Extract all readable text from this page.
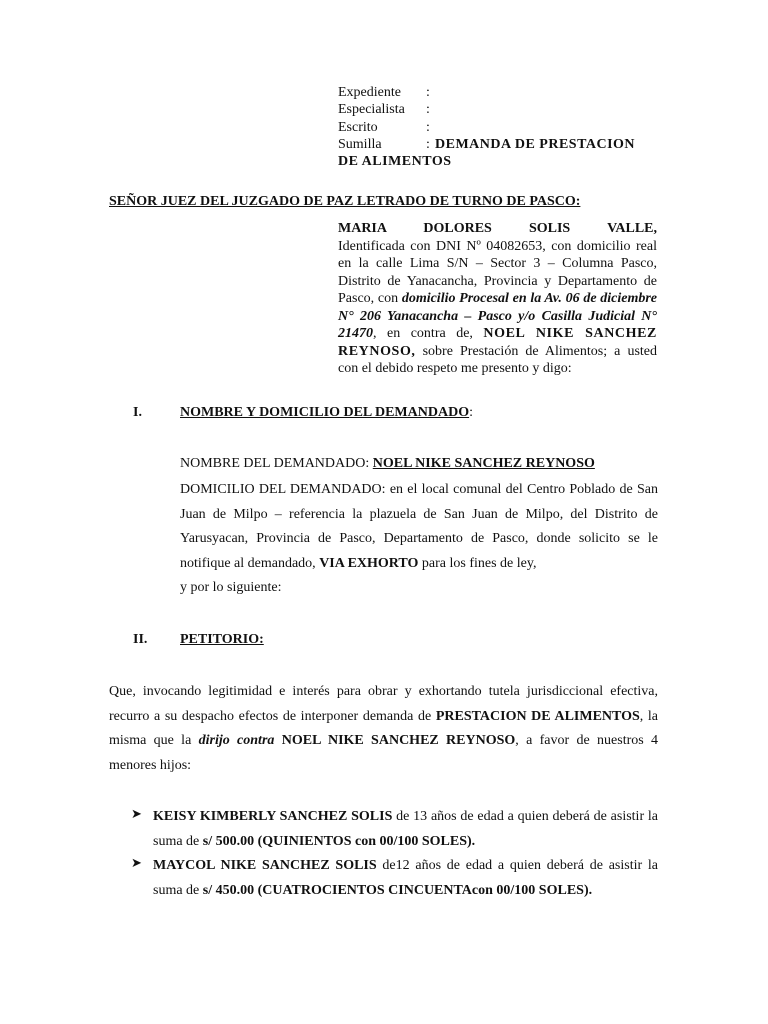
Expediente	:
Especialista	:
Escrito	:
Sumilla	: DEMANDA DE PRESTACION
DE ALIMENTOS
SEÑOR JUEZ DEL JUZGADO DE PAZ LETRADO DE TURNO DE PASCO:
MARIA DOLORES SOLIS VALLE, Identificada con DNI Nº 04082653, con domicilio real en la calle Lima S/N – Sector 3 – Columna Pasco, Distrito de Yanacancha, Provincia y Departamento de Pasco, con domicilio Procesal en la Av. 06 de diciembre N° 206 Yanacancha – Pasco y/o Casilla Judicial N° 21470, en contra de, NOEL NIKE SANCHEZ REYNOSO, sobre Prestación de Alimentos; a usted con el debido respeto me presento y digo:
I.	NOMBRE Y DOMICILIO DEL DEMANDADO:
NOMBRE DEL DEMANDADO: NOEL NIKE SANCHEZ REYNOSO
DOMICILIO DEL DEMANDADO: en el local comunal del Centro Poblado de San Juan de Milpo – referencia la plazuela de San Juan de Milpo, del Distrito de Yarusyacan, Provincia de Pasco, Departamento de Pasco, donde solicito se le notifique al demandado, VIA EXHORTO para los fines de ley,
y por lo siguiente:
II. PETITORIO:
Que, invocando legitimidad e interés para obrar y exhortando tutela jurisdiccional efectiva, recurro a su despacho efectos de interponer demanda de PRESTACION DE ALIMENTOS, la misma que la dirijo contra NOEL NIKE SANCHEZ REYNOSO, a favor de nuestros 4 menores hijos:
➤ KEISY KIMBERLY SANCHEZ SOLIS de 13 años de edad a quien deberá de asistir la suma de s/ 500.00 (QUINIENTOS con 00/100 SOLES).
➤ MAYCOL NIKE SANCHEZ SOLIS de12 años de edad a quien deberá de asistir la suma de s/ 450.00 (CUATROCIENTOS CINCUENTAcon 00/100 SOLES).
